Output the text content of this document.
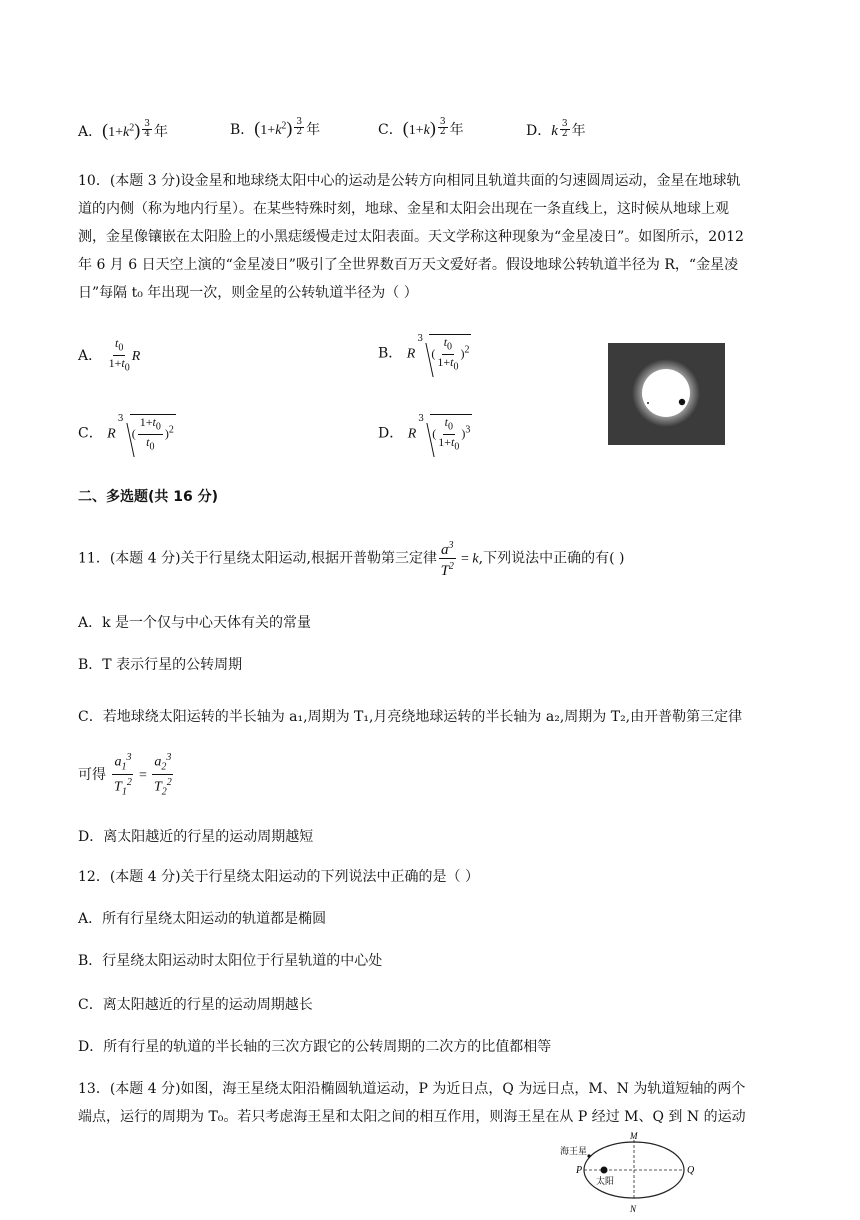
A．$(1+k^2) \frac{3}{4}$ 年	B．$(1+k^2) \frac{3}{2}$ 年	C．$(1+k) \frac{3}{2}$ 年	D．k $\frac{3}{2}$ 年
10．(本题 3 分)设金星和地球绕太阳中心的运动是公转方向相同且轨道共面的匀速圆周运动，金星在地球轨
道的内侧（称为地内行星）。在某些特殊时刻，地球、金星和太阳会出现在一条直线上，这时候从地球上观
测，金星像镶嵌在太阳脸上的小黑痣缓慢走过太阳表面。天文学称这种现象为“金星凌日”。如图所示，2012
年 6 月 6 日天空上演的“金星凌日”吸引了全世界数百万天文爱好者。假设地球公转轨道半径为 R，“金星凌
日”每隔 t₀ 年出现一次，则金星的公转轨道半径为（ ）
A． $\frac{t_0}{1+t_0}$ R	B． R
3
( $\frac{t_0}{1+t_0} )^2$
C． R
3
( $\frac{1+t_0}{t_0} )^2$	D． R
3
( $\frac{t_0}{1+t_0} )^3$
二、多选题(共 16 分)
11．(本题 4 分)关于行星绕太阳运动,根据开普勒第三定律 $\frac{a^3}{T^2} = k$,下列说法中正确的有( )
A．k 是一个仅与中心天体有关的常量
B．T 表示行星的公转周期
C．若地球绕太阳运转的半长轴为 a₁,周期为 T₁,月亮绕地球运转的半长轴为 a₂,周期为 T₂,由开普勒第三定律
可得 $\frac{a_1^3}{T_1^2} = \frac{a_2^3}{T_2^2}$
D．离太阳越近的行星的运动周期越短
12．(本题 4 分)关于行星绕太阳运动的下列说法中正确的是（ ）
A．所有行星绕太阳运动的轨道都是椭圆
B．行星绕太阳运动时太阳位于行星轨道的中心处
C．离太阳越近的行星的运动周期越长
D．所有行星的轨道的半长轴的三次方跟它的公转周期的二次方的比值都相等
13．(本题 4 分)如图，海王星绕太阳沿椭圆轨道运动，P 为近日点，Q 为远日点，M、N 为轨道短轴的两个
端点，运行的周期为 T₀。若只考虑海王星和太阳之间的相互作用，则海王星在从 P 经过 M、Q 到 N 的运动
海王星
太阳
P	Q
M
N
